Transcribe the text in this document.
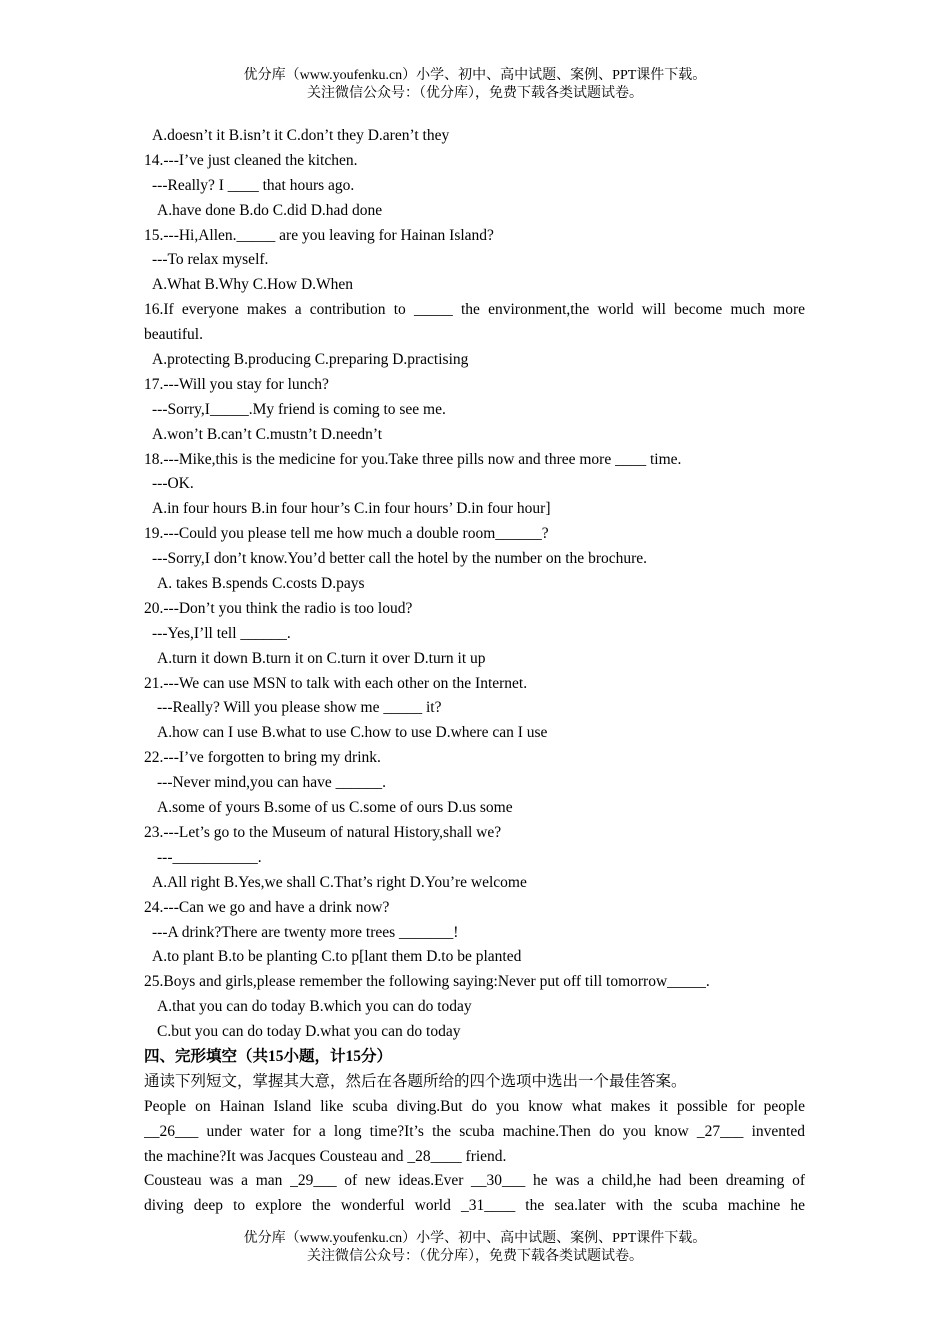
优分库（www.youfenku.cn）小学、初中、高中试题、案例、PPT课件下载。
关注微信公众号：（优分库），免费下载各类试题试卷。
A.doesn’t it B.isn’t it C.don’t they D.aren’t they
14.---I’ve just cleaned the kitchen.
---Really? I ____ that hours ago.
A.have done B.do C.did D.had done
15.---Hi,Allen._____ are you leaving for Hainan Island?
---To relax myself.
A.What B.Why C.How D.When
16.If everyone makes a contribution to _____ the environment,the world will become much more
beautiful.
A.protecting B.producing C.preparing D.practising
17.---Will you stay for lunch?
---Sorry,I_____.My friend is coming to see me.
A.won’t B.can’t C.mustn’t D.needn’t
18.---Mike,this is the medicine for you.Take three pills now and three more ____ time.
---OK.
A.in four hours B.in four hour’s C.in four hours’ D.in four hour]
19.---Could you please tell me how much a double room______?
---Sorry,I don’t know.You’d better call the hotel by the number on the brochure.
A. takes B.spends C.costs D.pays
20.---Don’t you think the radio is too loud?
---Yes,I’ll tell ______.
A.turn it down B.turn it on C.turn it over D.turn it up
21.---We can use MSN to talk with each other on the Internet.
---Really? Will you please show me _____ it?
A.how can I use B.what to use C.how to use D.where can I use
22.---I’ve forgotten to bring my drink.
---Never mind,you can have ______.
A.some of yours B.some of us C.some of ours D.us some
23.---Let’s go to the Museum of natural History,shall we?
---___________.
A.All right B.Yes,we shall C.That’s right D.You’re welcome
24.---Can we go and have a drink now?
---A drink?There are twenty more trees _______!
A.to plant B.to be planting C.to p[lant them D.to be planted
25.Boys and girls,please remember the following saying:Never put off till tomorrow_____.
A.that you can do today B.which you can do today
C.but you can do today D.what you can do today
四、完形填空（共15小题，计15分）
通读下列短文，掌握其大意，然后在各题所给的四个选项中选出一个最佳答案。
People on Hainan Island like scuba diving.But do you know what makes it possible for people
__26___ under water for a long time?It’s the scuba machine.Then do you know _27___ invented
the machine?It was Jacques Cousteau and _28____ friend.
Cousteau was a man _29___ of new ideas.Ever __30___ he was a child,he had been dreaming of
diving deep to explore the wonderful world _31____ the sea.later with the scuba machine he
优分库（www.youfenku.cn）小学、初中、高中试题、案例、PPT课件下载。
关注微信公众号：（优分库），免费下载各类试题试卷。
